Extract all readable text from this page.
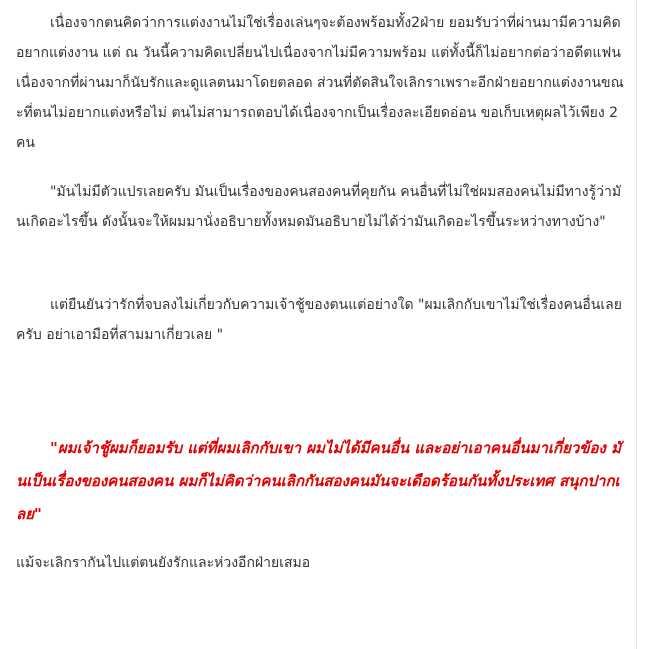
เนื่องจากตนคิดว่าการแต่งงานไม่ใช่เรื่องเล่นๆจะต้องพร้อมทั้ง2ฝ่าย ยอมรับว่าที่ผ่านมามีความคิดอยากแต่งงาน แต่ ณ วันนี้ความคิดเปลี่ยนไปเนื่องจากไม่มีความพร้อม แต่ทั้งนี้ก็ไม่อยากต่อว่าอดีตแฟน เนื่องจากที่ผ่านมาก็นับรักและดูแลตนมาโดยตลอด ส่วนที่ตัดสินใจเลิกราเพราะอีกฝ่ายอยากแต่งงานขณะที่ตนไม่อยากแต่งหรือไม่ ตนไม่สามารถตอบได้เนื่องจากเป็นเรื่องละเอียดอ่อน ขอเก็บเหตุผลไว้เพียง 2 คน

"มันไม่มีตัวแปรเลยครับ มันเป็นเรื่องของคนสองคนที่คุยกัน คนอื่นที่ไม่ใช่ผมสองคนไม่มีทางรู้ว่ามันเกิดอะไรขึ้น ดังนั้นจะให้ผมมานั่งอธิบายทั้งหมดมันอธิบายไม่ได้ว่ามันเกิดอะไรขึ้นระหว่างทางบ้าง"

แต่ยืนยันว่ารักที่จบลงไม่เกี่ยวกับความเจ้าชู้ของตนแต่อย่างใด "ผมเลิกกับเขาไม่ใช่เรื่องคนอื่นเลยครับ อย่าเอามือที่สามมาเกี่ยวเลย "

"ผมเจ้าชู้ผมก็ยอมรับ แต่ที่ผมเลิกกับเขา ผมไม่ได้มีคนอื่น และอย่าเอาคนอื่นมาเกี่ยวข้อง มันเป็นเรื่องของคนสองคน ผมก็ไม่คิดว่าคนเลิกกันสองคนมันจะเดือดร้อนกันทั้งประเทศ สนุกปากเลย"

แม้จะเลิกรากันไปแต่ตนยังรักและห่วงอีกฝ่ายเสมอ
